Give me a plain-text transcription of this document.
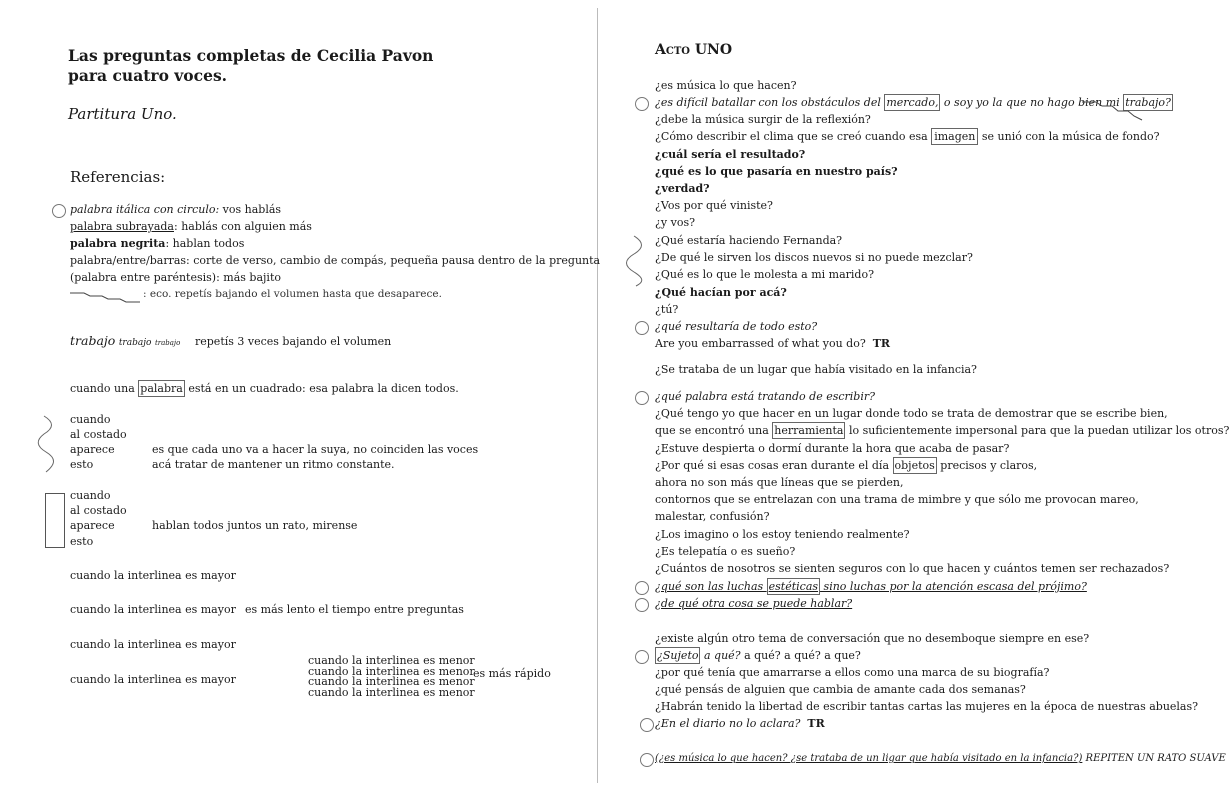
Las preguntas completas de Cecilia Pavon
para cuatro voces.
Partitura Uno.
Referencias:
palabra itálica con circulo: vos hablás
palabra subrayada: hablás con alguien más
palabra negrita: hablan todos
palabra/entre/barras: corte de verso, cambio de compás, pequeña pausa dentro de la pregunta
(palabra entre paréntesis): más bajito
: eco. repetís bajando el volumen hasta que desaparece.
trabajo trabajo trabajo repetís 3 veces bajando el volumen
cuando una palabra está en un cuadrado: esa palabra la dicen todos.
cuando
al costado
aparece
esto
es que cada uno va a hacer la suya, no coinciden las voces
acá tratar de mantener un ritmo constante.
cuando
al costado
aparece
esto
hablan todos juntos un rato, mirense
cuando la interlinea es mayor
cuando la interlinea es mayor es más lento el tiempo entre preguntas
cuando la interlinea es mayor
cuando la interlinea es mayor
cuando la interlinea es menor
cuando la interlinea es menor
cuando la interlinea es menor
cuando la interlinea es menor
es más rápido
Acto UNO
¿es música lo que hacen?
¿es difícil batallar con los obstáculos del mercado, o soy yo la que no hago bien mi trabajo?
¿debe la música surgir de la reflexión?
¿Cómo describir el clima que se creó cuando esa imagen se unió con la música de fondo?
¿cuál sería el resultado?
¿qué es lo que pasaría en nuestro país?
¿verdad?
¿Vos por qué viniste?
¿y vos?
¿Qué estaría haciendo Fernanda?
¿De qué le sirven los discos nuevos si no puede mezclar?
¿Qué es lo que le molesta a mi marido?
¿Qué hacían por acá?
¿tú?
¿qué resultaría de todo esto?
Are you embarrassed of what you do? TR
¿Se trataba de un lugar que había visitado en la infancia?
¿qué palabra está tratando de escribir?
¿Qué tengo yo que hacer en un lugar donde todo se trata de demostrar que se escribe bien,
que se encontró una herramienta lo suficientemente impersonal para que la puedan utilizar los otros?
¿Estuve despierta o dormí durante la hora que acaba de pasar?
¿Por qué si esas cosas eran durante el día objetos precisos y claros,
ahora no son más que líneas que se pierden,
contornos que se entrelazan con una trama de mimbre y que sólo me provocan mareo,
malestar, confusión?
¿Los imagino o los estoy teniendo realmente?
¿Es telepatía o es sueño?
¿Cuántos de nosotros se sienten seguros con lo que hacen y cuántos temen ser rechazados?
¿qué son las luchas estéticas sino luchas por la atención escasa del prójimo?
¿de qué otra cosa se puede hablar?
¿existe algún otro tema de conversación que no desemboque siempre en ese?
¿Sujeto a qué? a qué? a qué? a que?
¿por qué tenía que amarrarse a ellos como una marca de su biografía?
¿qué pensás de alguien que cambia de amante cada dos semanas?
¿Habrán tenido la libertad de escribir tantas cartas las mujeres en la época de nuestras abuelas?
¿En el diario no lo aclara? TR
(¿es música lo que hacen? ¿se trataba de un ligar que había visitado en la infancia?) REPITEN UN RATO SUAVE
